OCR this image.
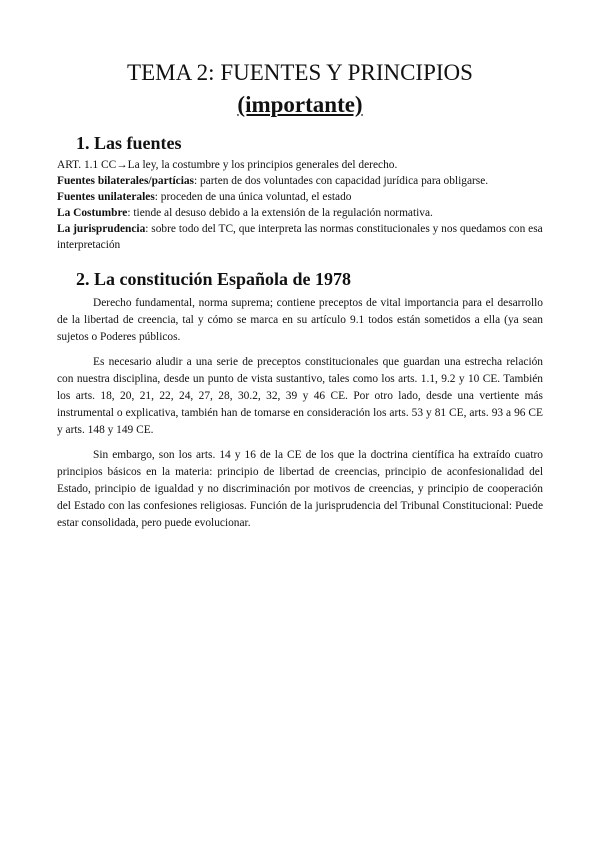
TEMA 2: FUENTES Y PRINCIPIOS
(importante)
1. Las fuentes

ART. 1.1 CC→La ley, la costumbre y los principios generales del derecho.

Fuentes bilaterales/partícias: parten de dos voluntades con capacidad jurídica para obligarse.

Fuentes unilaterales: proceden de una única voluntad, el estado

La Costumbre: tiende al desuso debido a la extensión de la regulación normativa.

La jurisprudencia: sobre todo del TC, que interpreta las normas constitucionales y nos quedamos con esa interpretación

2. La constitución Española de 1978

Derecho fundamental, norma suprema; contiene preceptos de vital importancia para el desarrollo de la libertad de creencia, tal y cómo se marca en su artículo 9.1 todos están sometidos a ella (ya sean sujetos o Poderes públicos.

Es necesario aludir a una serie de preceptos constitucionales que guardan una estrecha relación con nuestra disciplina, desde un punto de vista sustantivo, tales como los arts. 1.1, 9.2 y 10 CE. También los arts. 18, 20, 21, 22, 24, 27, 28, 30.2, 32, 39 y 46 CE. Por otro lado, desde una vertiente más instrumental o explicativa, también han de tomarse en consideración los arts. 53 y 81 CE, arts. 93 a 96 CE y arts. 148 y 149 CE.

Sin embargo, son los arts. 14 y 16 de la CE de los que la doctrina científica ha extraído cuatro principios básicos en la materia: principio de libertad de creencias, principio de aconfesionalidad del Estado, principio de igualdad y no discriminación por motivos de creencias, y principio de cooperación del Estado con las confesiones religiosas. Función de la jurisprudencia del Tribunal Constitucional: Puede estar consolidada, pero puede evolucionar.
